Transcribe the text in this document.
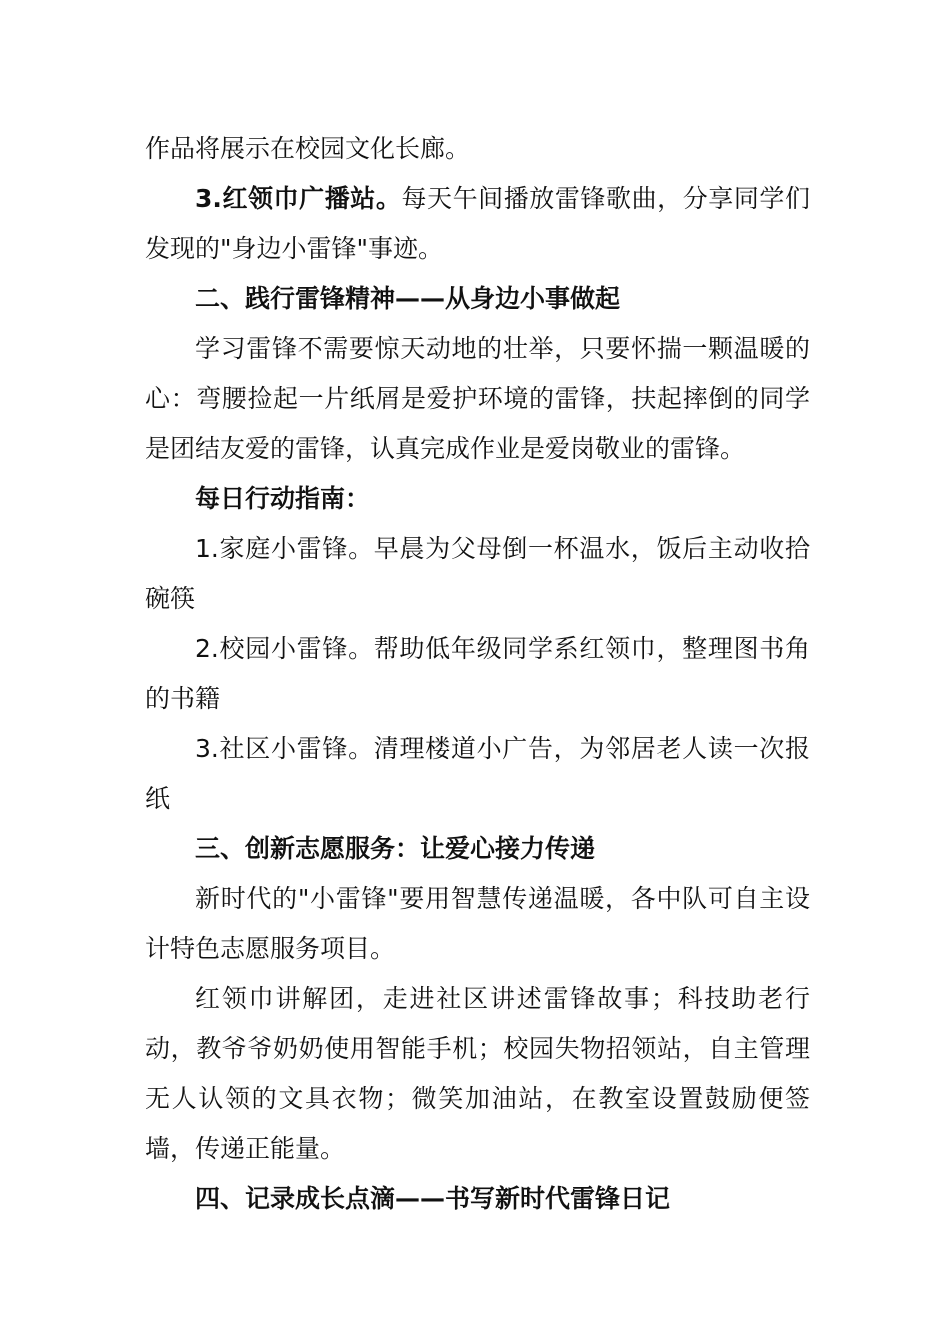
作品将展示在校园文化长廊。

3.红领巾广播站。每天午间播放雷锋歌曲，分享同学们发现的"身边小雷锋"事迹。

二、践行雷锋精神——从身边小事做起

学习雷锋不需要惊天动地的壮举，只要怀揣一颗温暖的心：弯腰捡起一片纸屑是爱护环境的雷锋，扶起摔倒的同学是团结友爱的雷锋，认真完成作业是爱岗敬业的雷锋。

每日行动指南：

1.家庭小雷锋。早晨为父母倒一杯温水，饭后主动收拾碗筷

2.校园小雷锋。帮助低年级同学系红领巾，整理图书角的书籍

3.社区小雷锋。清理楼道小广告，为邻居老人读一次报纸

三、创新志愿服务：让爱心接力传递

新时代的"小雷锋"要用智慧传递温暖，各中队可自主设计特色志愿服务项目。

红领巾讲解团，走进社区讲述雷锋故事；科技助老行动，教爷爷奶奶使用智能手机；校园失物招领站，自主管理无人认领的文具衣物；微笑加油站，在教室设置鼓励便签墙，传递正能量。

四、记录成长点滴——书写新时代雷锋日记
